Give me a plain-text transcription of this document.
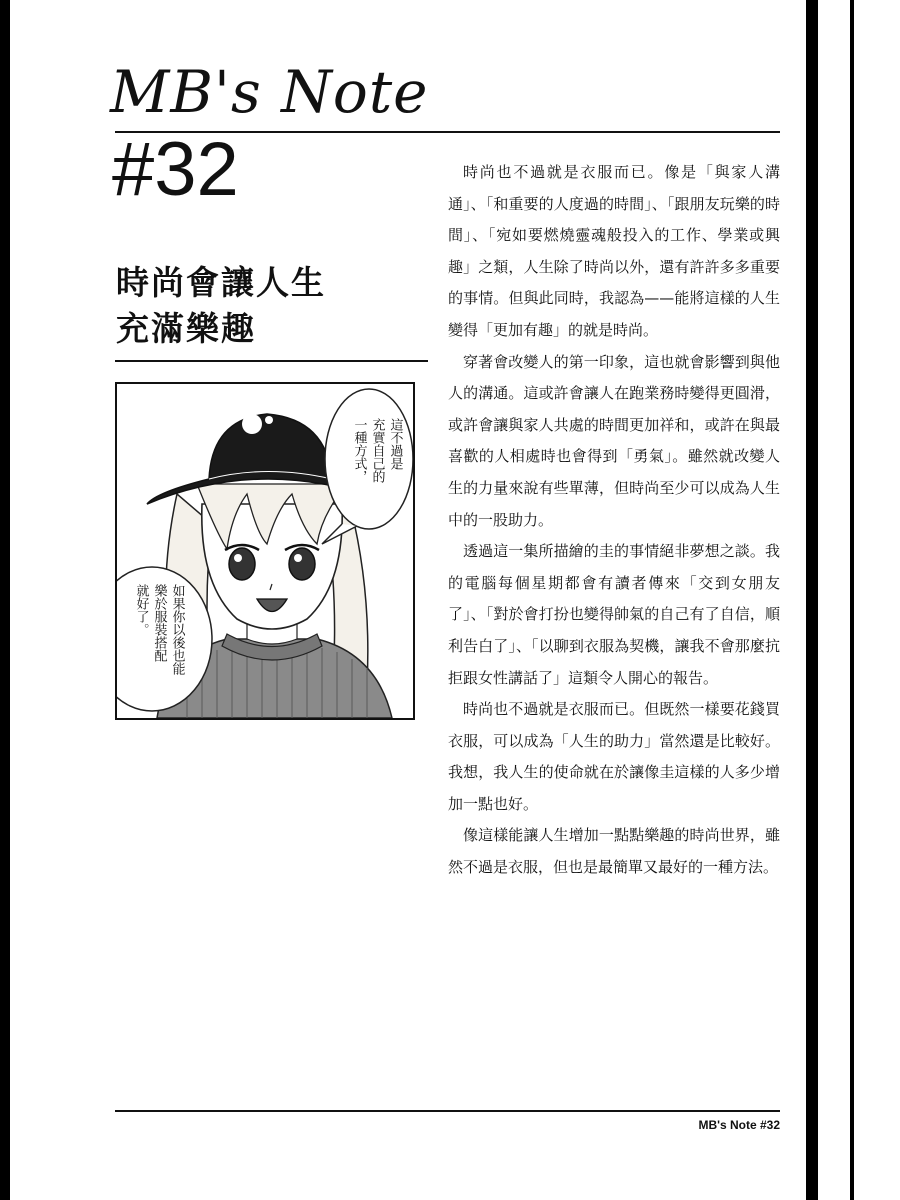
MB's Note
#32
時尚會讓人生
充滿樂趣
這不過是
充實自己的
一種方式，
如果你以後也能
樂於服裝搭配
就好了。

時尚也不過就是衣服而已。像是「與家人溝通」、「和重要的人度過的時間」、「跟朋友玩樂的時間」、「宛如要燃燒靈魂般投入的工作、學業或興趣」之類，人生除了時尚以外，還有許許多多重要的事情。但與此同時，我認為——能將這樣的人生變得「更加有趣」的就是時尚。

穿著會改變人的第一印象，這也就會影響到與他人的溝通。這或許會讓人在跑業務時變得更圓滑，或許會讓與家人共處的時間更加祥和，或許在與最喜歡的人相處時也會得到「勇氣」。雖然就改變人生的力量來說有些單薄，但時尚至少可以成為人生中的一股助力。

透過這一集所描繪的圭的事情絕非夢想之談。我的電腦每個星期都會有讀者傳來「交到女朋友了」、「對於會打扮也變得帥氣的自己有了自信，順利告白了」、「以聊到衣服為契機，讓我不會那麼抗拒跟女性講話了」這類令人開心的報告。

時尚也不過就是衣服而已。但既然一樣要花錢買衣服，可以成為「人生的助力」當然還是比較好。我想，我人生的使命就在於讓像圭這樣的人多少增加一點也好。

像這樣能讓人生增加一點點樂趣的時尚世界，雖然不過是衣服，但也是最簡單又最好的一種方法。

MB's Note #32
